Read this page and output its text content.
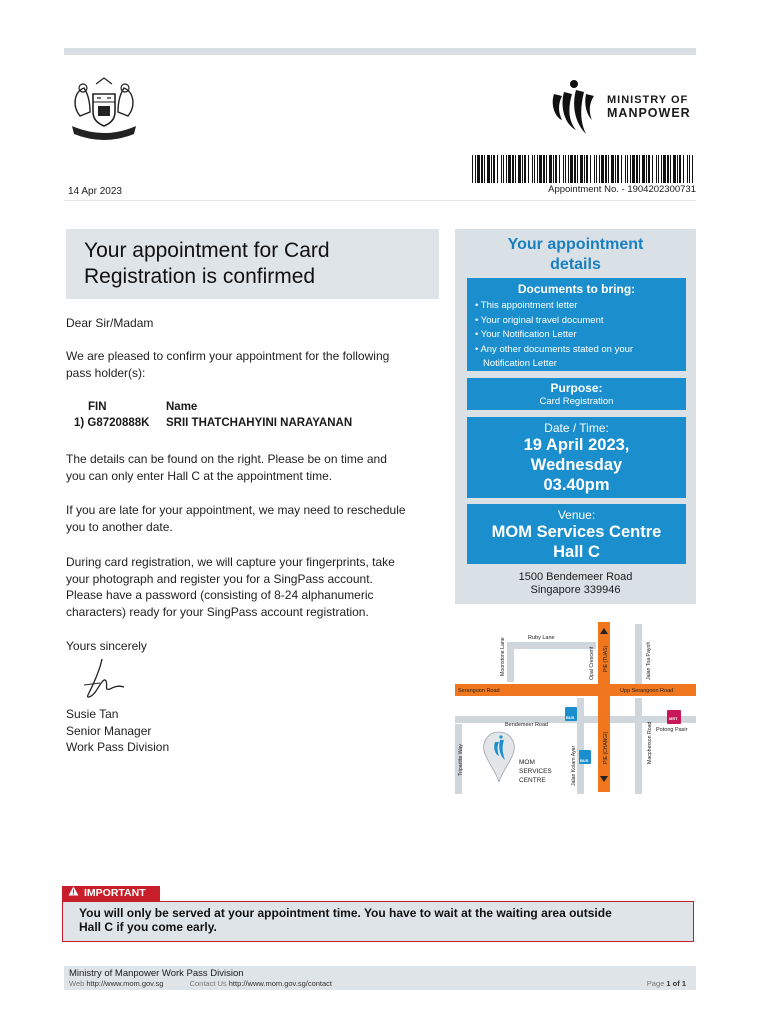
MINISTRY OF
MANPOWER
Appointment No. - 1904202300731
14 Apr 2023
Your appointment for Card
Registration is confirmed
Dear Sir/Madam
We are pleased to confirm your appointment for the following
pass holder(s):
FIN	Name
1) G8720888K SRII THATCHAHYINI NARAYANAN
The details can be found on the right. Please be on time and
you can only enter Hall C at the appointment time.
If you are late for your appointment, we may need to reschedule
you to another date.
During card registration, we will capture your fingerprints, take
your photograph and register you for a SingPass account.
Please have a password (consisting of 8-24 alphanumeric
characters) ready for your SingPass account registration.
Yours sincerely
Susie Tan
Senior Manager
Work Pass Division
Your appointment
details
Documents to bring:
• This appointment letter
• Your original travel document
• Your Notification Letter
• Any other documents stated on your
Notification Letter
Purpose:
Card Registration
Date / Time:
19 April 2023,
Wednesday
03.40pm
Venue:
MOM Services Centre
Hall C
1500 Bendemeer Road
Singapore 339946
Ruby Lane
Moonstone Lane	Opal Crescent	Jalan Toa Payoh
PIE (TUAS)
PIE (CHANGI)
Serangoon Road	Upp Serangoon Road
Bendemeer Road	Macpherson Road
Tripartite Way	Jalan Kolam Ayer
Potong Pasir
MRT
BUS
BUS
MOM
SERVICES
CENTRE
IMPORTANT
You will only be served at your appointment time. You have to wait at the waiting area outside
Hall C if you come early.
Ministry of Manpower Work Pass Division
Web http://www.mom.gov.sg	Contact Us http://www.mom.gov.sg/contact	Page 1 of 1
